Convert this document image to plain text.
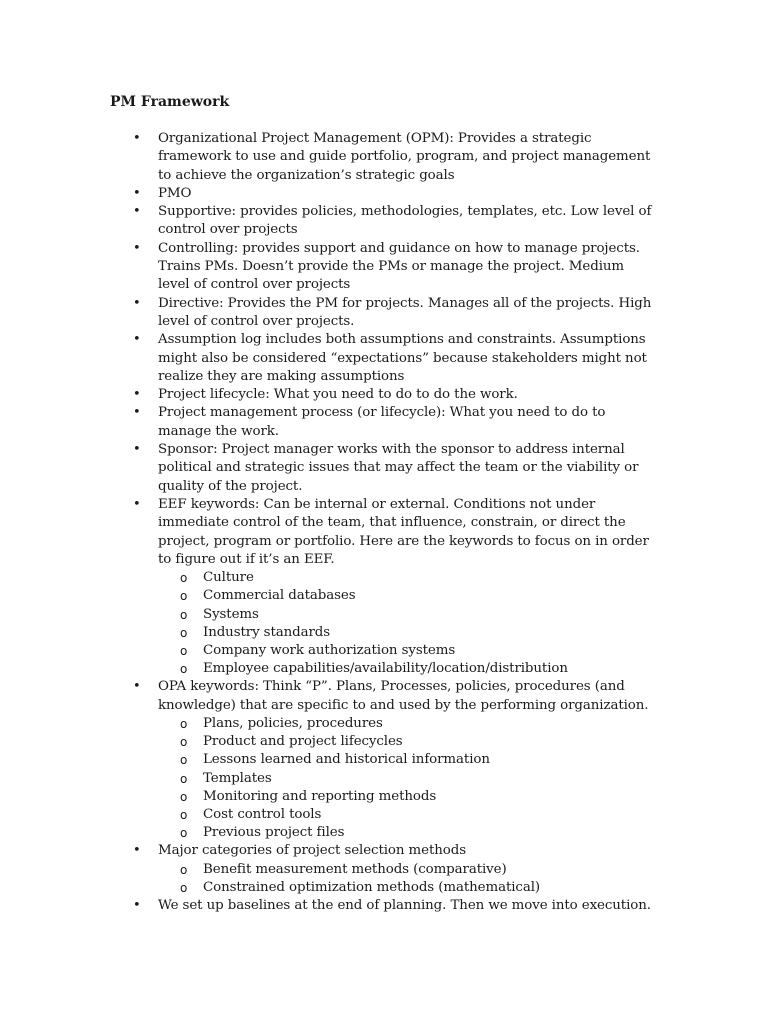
PM Framework
• Organizational Project Management (OPM): Provides a strategic framework to use and guide portfolio, program, and project management to achieve the organization’s strategic goals
• PMO
• Supportive: provides policies, methodologies, templates, etc. Low level of control over projects
• Controlling: provides support and guidance on how to manage projects. Trains PMs. Doesn’t provide the PMs or manage the project. Medium level of control over projects
• Directive: Provides the PM for projects. Manages all of the projects. High level of control over projects.
• Assumption log includes both assumptions and constraints. Assumptions might also be considered “expectations” because stakeholders might not realize they are making assumptions
• Project lifecycle: What you need to do to do the work.
• Project management process (or lifecycle): What you need to do to manage the work.
• Sponsor: Project manager works with the sponsor to address internal political and strategic issues that may affect the team or the viability or quality of the project.
• EEF keywords: Can be internal or external. Conditions not under immediate control of the team, that influence, constrain, or direct the project, program or portfolio. Here are the keywords to focus on in order to figure out if it’s an EEF.
o Culture
o Commercial databases
o Systems
o Industry standards
o Company work authorization systems
o Employee capabilities/availability/location/distribution
• OPA keywords: Think “P”. Plans, Processes, policies, procedures (and knowledge) that are specific to and used by the performing organization.
o Plans, policies, procedures
o Product and project lifecycles
o Lessons learned and historical information
o Templates
o Monitoring and reporting methods
o Cost control tools
o Previous project files
• Major categories of project selection methods
o Benefit measurement methods (comparative)
o Constrained optimization methods (mathematical)
• We set up baselines at the end of planning. Then we move into execution.
